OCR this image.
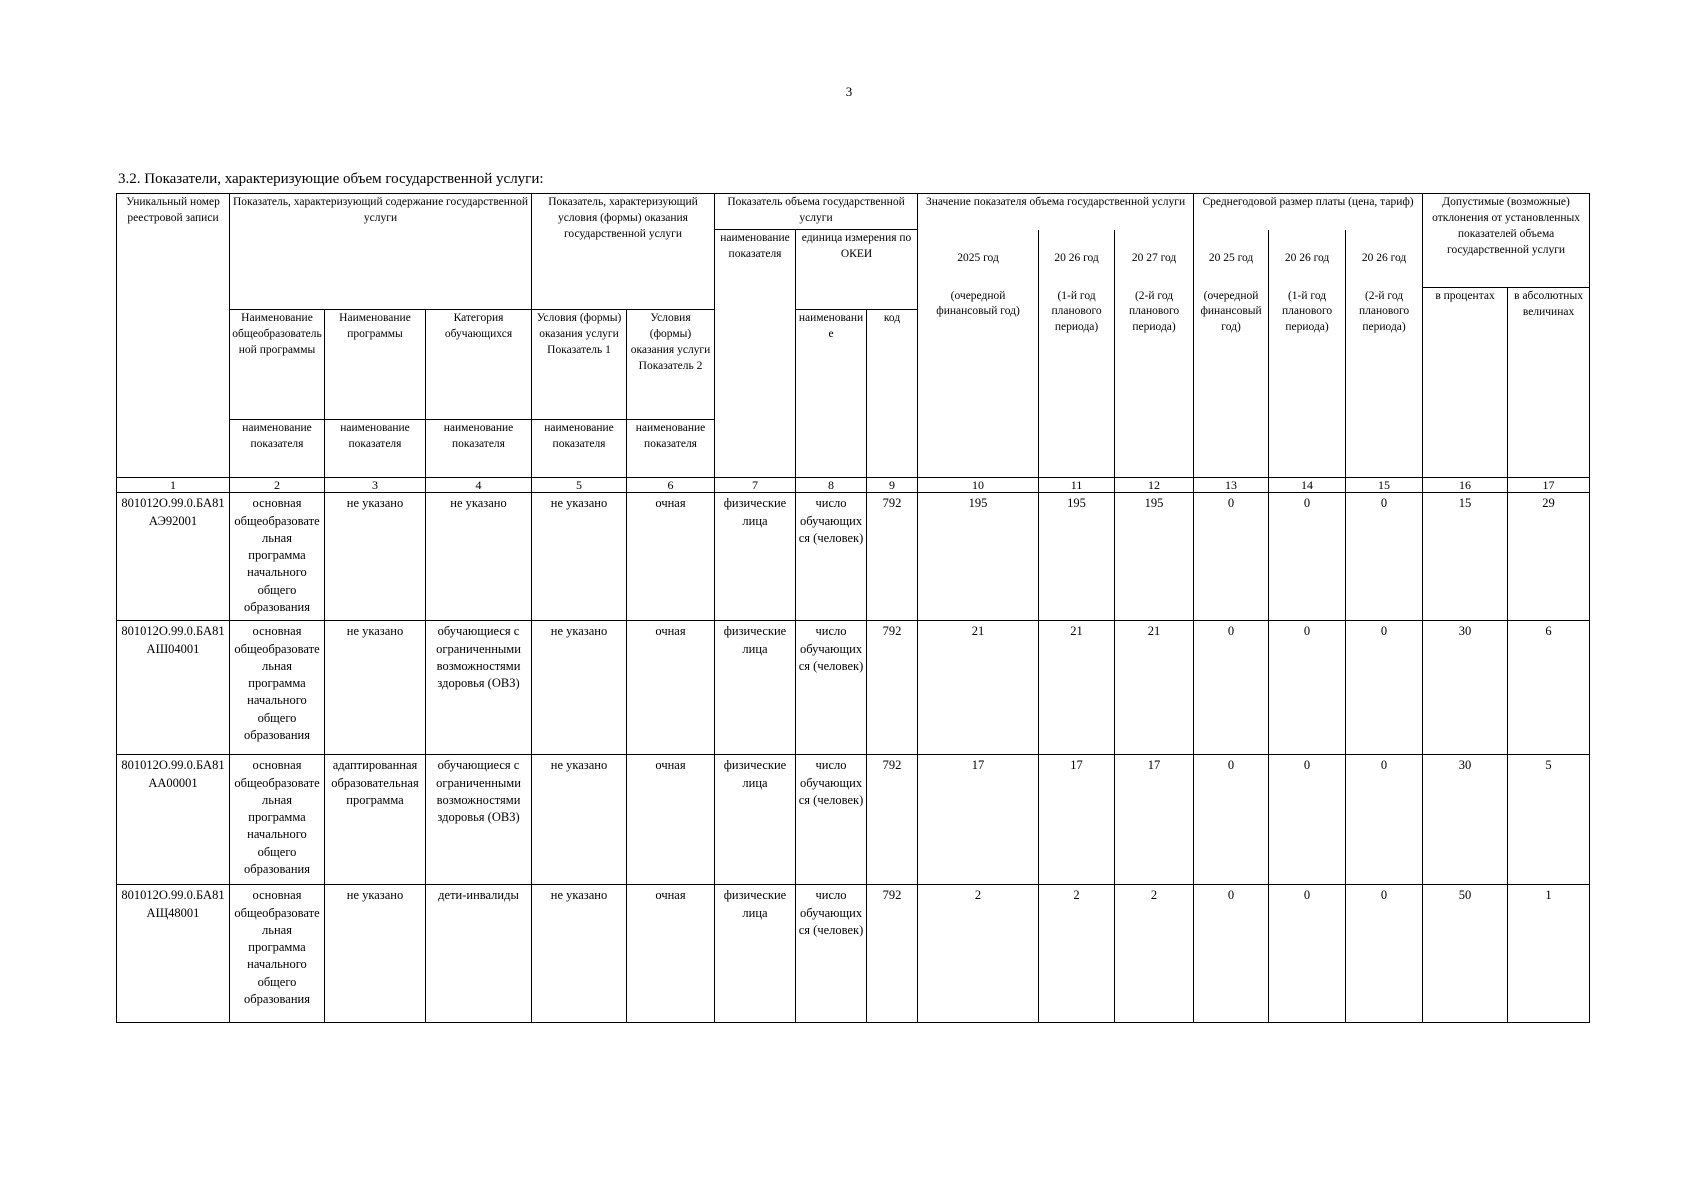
3
3.2. Показатели, характеризующие объем государственной услуги:
Уникальный номер реестровой записи	Показатель, характеризующий содержание государственной услуги			Показатель, характеризующий условия (формы) оказания государственной услуги		Показатель объема государственной услуги			Значение показателя объема государственной услуги			Среднегодовой размер платы (цена, тариф)			Допустимые (возможные) отклонения от установленных показателей объема государственной услуги	
						наименование показателя	единица измерения по ОКЕИ		2025 год	20 26 год	20 27 год	20 25 год	20 26 год	20 26 год		
									(очередной финансовый год)	(1-й год планового периода)	(2-й год планового периода)	(очередной финансовый год)	(1-й год планового периода)	(2-й год планового периода)	в процентах	в абсолютных величинах
	Наименование общеобразовательной программы	Наименование программы	Категория обучающихся	Условия (формы) оказания услуги Показатель 1	Условия (формы) оказания услуги Показатель 2		наименование	код								
	наименование показателя	наименование показателя	наименование показателя	наименование показателя	наименование показателя											
1	2	3	4	5	6	7	8	9	10	11	12	13	14	15	16	17
801012О.99.0.БА81АЭ92001	основная общеобразовательная программа начального общего образования	не указано	не указано	не указано	очная	физические лица	число обучающихся (человек)	792	195	195	195	0	0	0	15	29
801012О.99.0.БА81АШ04001	основная общеобразовательная программа начального общего образования	не указано	обучающиеся с ограниченными возможностями здоровья (ОВЗ)	не указано	очная	физические лица	число обучающихся (человек)	792	21	21	21	0	0	0	30	6
801012О.99.0.БА81АА00001	основная общеобразовательная программа начального общего образования	адаптированная образовательная программа	обучающиеся с ограниченными возможностями здоровья (ОВЗ)	не указано	очная	физические лица	число обучающихся (человек)	792	17	17	17	0	0	0	30	5
801012О.99.0.БА81АЩ48001	основная общеобразовательная программа начального общего образования	не указано	дети-инвалиды	не указано	очная	физические лица	число обучающихся (человек)	792	2	2	2	0	0	0	50	1
